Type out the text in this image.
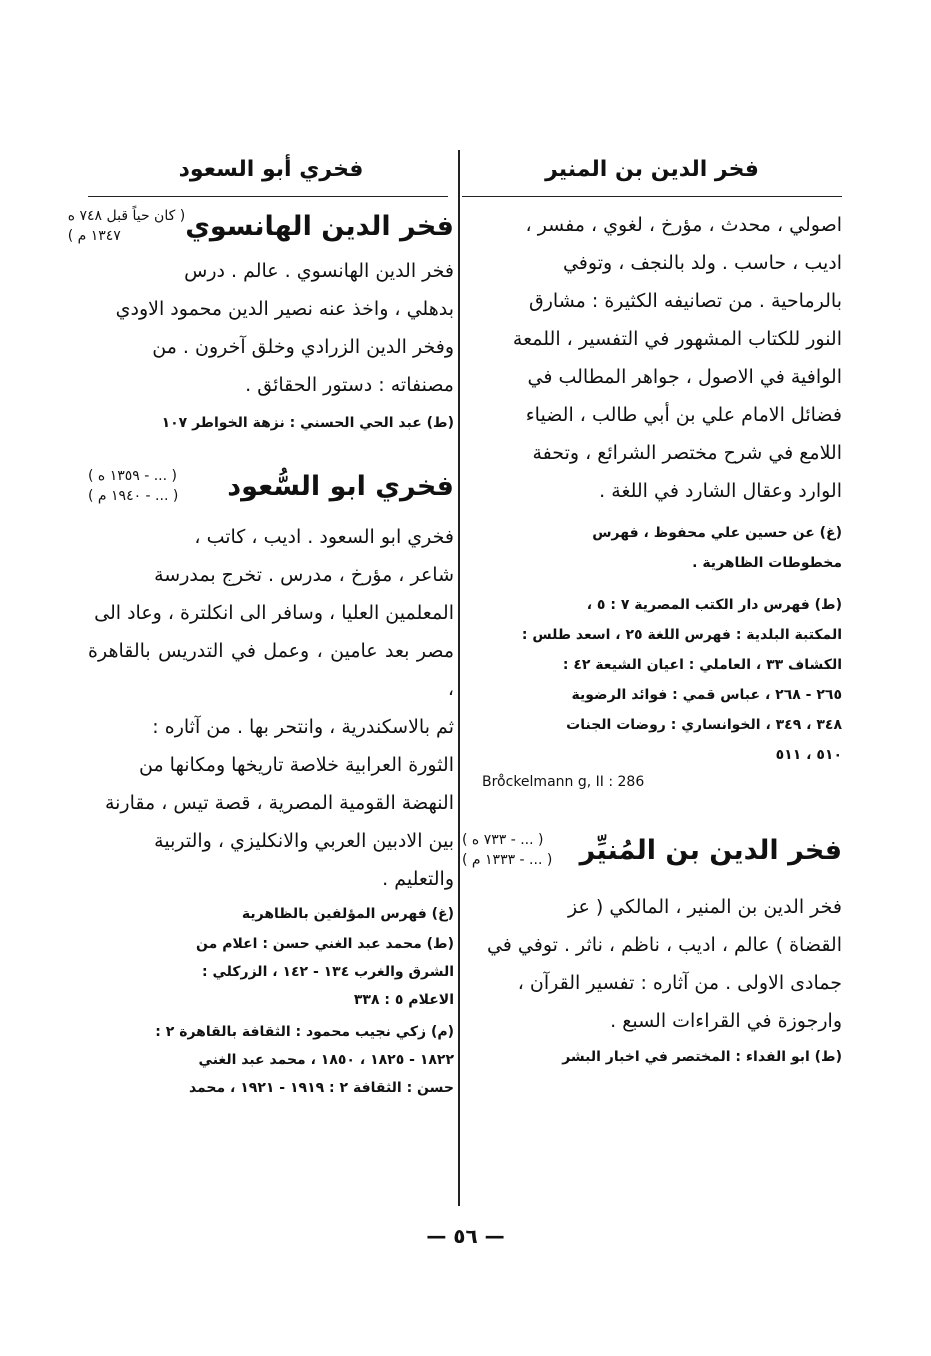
فخر الدين بن المنير

اصولي ، محدث ، مؤرخ ، لغوي ، مفسر ،

اديب ، حاسب . ولد بالنجف ، وتوفي

بالرماحية . من تصانيفه الكثيرة : مشارق

النور للكتاب المشهور في التفسير ، اللمعة

الوافية في الاصول ، جواهر المطالب في

فضائل الامام علي بن أبي طالب ، الضياء

اللامع في شرح مختصر الشرائع ، وتحفة

الوارد وعقال الشارد في اللغة .

(غ) عن حسين علي محفوظ ، فهرس

مخطوطات الظاهرية .

(ط) فهرس دار الكتب المصرية ٧ : ٥ ،

المكتبة البلدية : فهرس اللغة ٢٥ ، اسعد طلس :

الكشاف ٣٣ ، العاملي : اعيان الشيعة ٤٢ :

٢٦٥ - ٢٦٨ ، عباس قمي : فوائد الرضوية

٣٤٨ ، ٣٤٩ ، الخوانساري : روضات الجنات

٥١٠ ، ٥١١

Bro̊ckelmann g, II : 286

فخر الدين بن المُنيِّر
( ... - ٧٣٣ ه )
( ... - ١٣٣٣ م )

فخر الدين بن المنير ، المالكي ( عز

القضاة ) عالم ، اديب ، ناظم ، ناثر . توفي في

جمادى الاولى . من آثاره : تفسير القرآن ،

وارجوزة في القراءات السبع .

(ط) ابو الفداء : المختصر في اخبار البشر

فخري أبو السعود
فخر الدين الهانسوي
( كان حياً قبل ٧٤٨ ه
١٣٤٧ م )

فخر الدين الهانسوي . عالم . درس

بدهلي ، واخذ عنه نصير الدين محمود الاودي

وفخر الدين الزرادي وخلق آخرون . من

مصنفاته : دستور الحقائق .

(ط) عبد الحي الحسني : نزهة الخواطر ١٠٧

فخري ابو السُّعود
( ... - ١٣٥٩ ه )
( ... - ١٩٤٠ م )

فخري ابو السعود . اديب ، كاتب ،

شاعر ، مؤرخ ، مدرس . تخرج بمدرسة

المعلمين العليا ، وسافر الى انكلترة ، وعاد الى

مصر بعد عامين ، وعمل في التدريس بالقاهرة ،

ثم بالاسكندرية ، وانتحر بها . من آثاره :

الثورة العرابية خلاصة تاريخها ومكانها من

النهضة القومية المصرية ، قصة تيس ، مقارنة

بين الادبين العربي والانكليزي ، والتربية

والتعليم .

(غ) فهرس المؤلفين بالظاهرية

(ط) محمد عبد الغني حسن : اعلام من

الشرق والغرب ١٣٤ - ١٤٢ ، الزركلي :

الاعلام ٥ : ٣٣٨

(م) زكي نجيب محمود : الثقافة بالقاهرة ٢ :

١٨٢٢ - ١٨٢٥ ، ١٨٥٠ ، محمد عبد الغني

حسن : الثقافة ٢ : ١٩١٩ - ١٩٢١ ، محمد

— ٥٦ —
